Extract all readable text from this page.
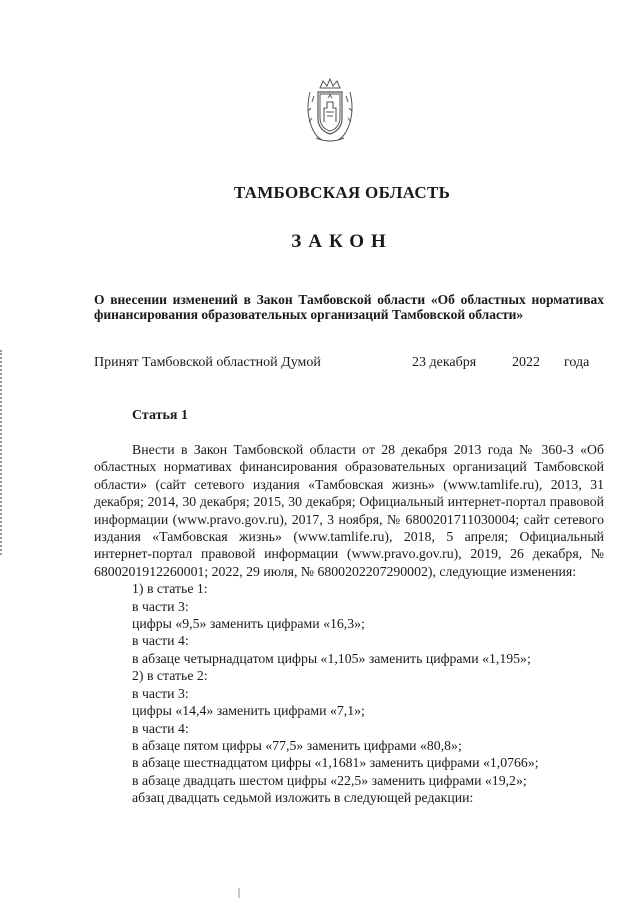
ТАМБОВСКАЯ ОБЛАСТЬ
ЗАКОН
О внесении изменений в Закон Тамбовской области «Об областных нормативах финансирования образовательных организаций Тамбовской области»
Принят Тамбовской областной Думой	23 декабря	2022 года
Статья 1

Внести в Закон Тамбовской области от 28 декабря 2013 года № 360-З «Об областных нормативах финансирования образовательных организаций Тамбовской области» (сайт сетевого издания «Тамбовская жизнь» (www.tamlife.ru), 2013, 31 декабря; 2014, 30 декабря; 2015, 30 декабря; Официальный интернет-портал правовой информации (www.pravo.gov.ru), 2017, 3 ноября, № 6800201711030004; сайт сетевого издания «Тамбовская жизнь» (www.tamlife.ru), 2018, 5 апреля; Официальный интернет-портал правовой информации (www.pravo.gov.ru), 2019, 26 декабря, № 6800201912260001; 2022, 29 июля, № 6800202207290002), следующие изменения:

1) в статье 1:

в части 3:

цифры «9,5» заменить цифрами «16,3»;

в части 4:

в абзаце четырнадцатом цифры «1,105» заменить цифрами «1,195»;

2) в статье 2:

в части 3:

цифры «14,4» заменить цифрами «7,1»;

в части 4:

в абзаце пятом цифры «77,5» заменить цифрами «80,8»;

в абзаце шестнадцатом цифры «1,1681» заменить цифрами «1,0766»;

в абзаце двадцать шестом цифры «22,5» заменить цифрами «19,2»;

абзац двадцать седьмой изложить в следующей редакции:
